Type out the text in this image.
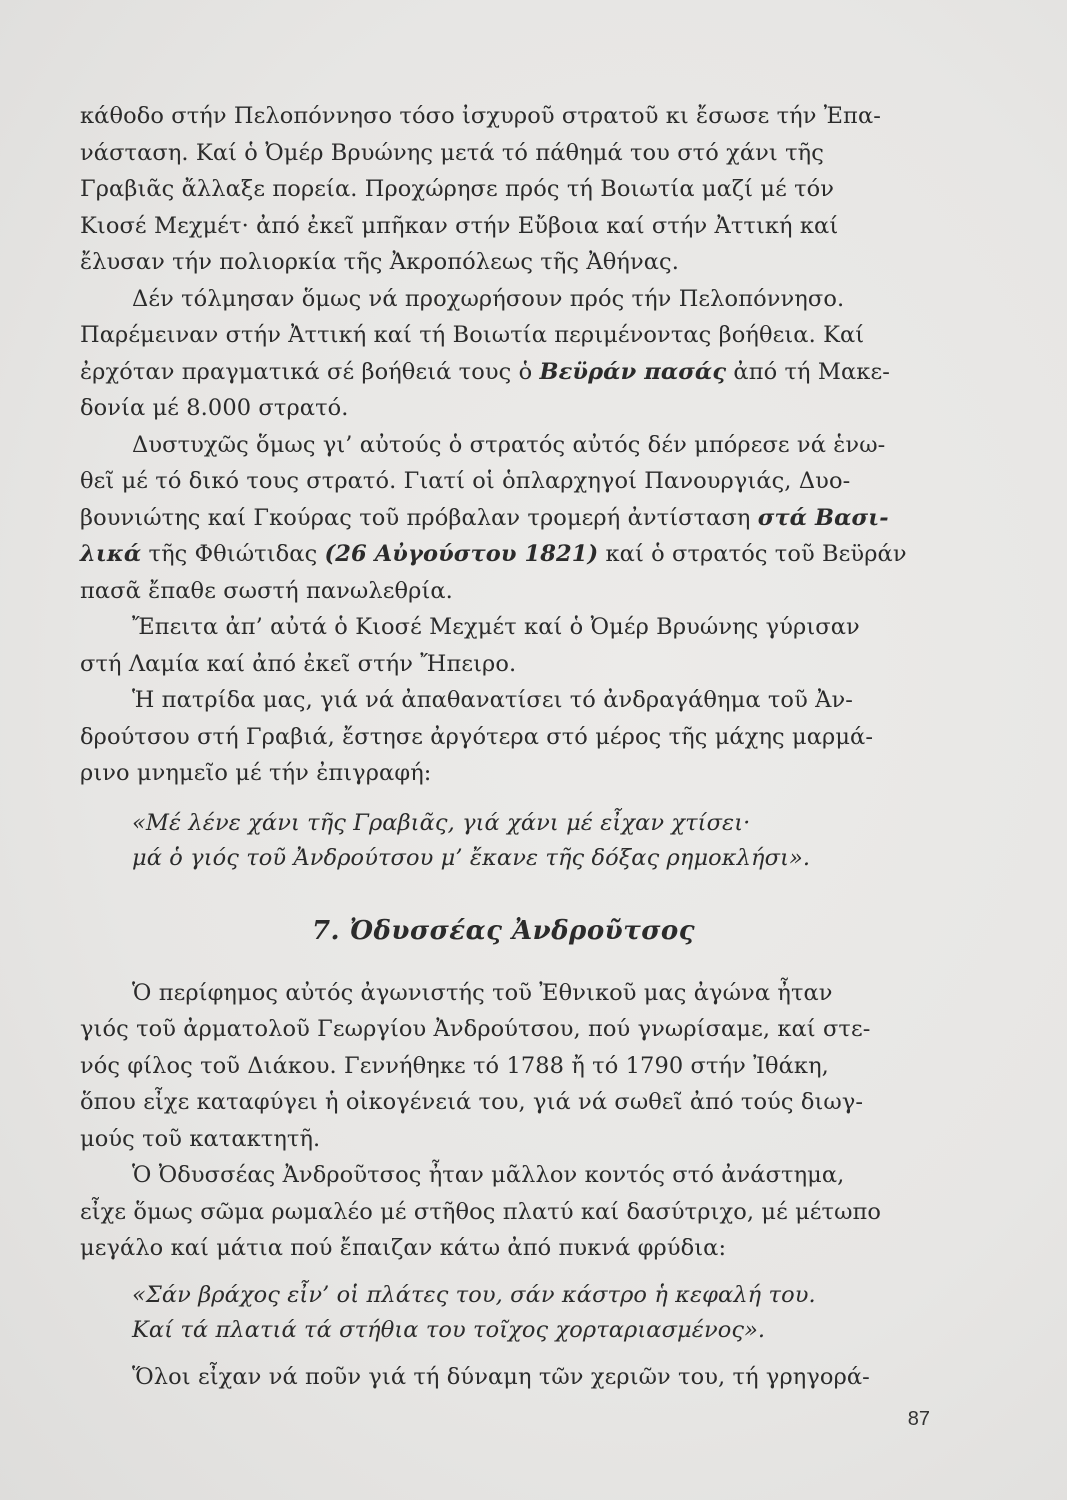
κάθοδο στήν Πελοπόννησο τόσο ἰσχυροῦ στρατοῦ κι ἔσωσε τήν Ἐπα-
νάσταση. Καί ὁ Ὀμέρ Βρυώνης μετά τό πάθημά του στό χάνι τῆς
Γραβιᾶς ἄλλαξε πορεία. Προχώρησε πρός τή Βοιωτία μαζί μέ τόν
Κιοσέ Μεχμέτ· ἀπό ἐκεῖ μπῆκαν στήν Εὔβοια καί στήν Ἀττική καί
ἔλυσαν τήν πολιορκία τῆς Ἀκροπόλεως τῆς Ἀθήνας.
Δέν τόλμησαν ὅμως νά προχωρήσουν πρός τήν Πελοπόννησο.
Παρέμειναν στήν Ἀττική καί τή Βοιωτία περιμένοντας βοήθεια. Καί
ἐρχόταν πραγματικά σέ βοήθειά τους ὁ Βεϋράν πασάς ἀπό τή Μακε-
δονία μέ 8.000 στρατό.
Δυστυχῶς ὅμως γι’ αὐτούς ὁ στρατός αὐτός δέν μπόρεσε νά ἑνω-
θεῖ μέ τό δικό τους στρατό. Γιατί οἱ ὁπλαρχηγοί Πανουργιάς, Δυο-
βουνιώτης καί Γκούρας τοῦ πρόβαλαν τρομερή ἀντίσταση στά Βασι-
λικά τῆς Φθιώτιδας (26 Αὐγούστου 1821) καί ὁ στρατός τοῦ Βεϋράν
πασᾶ ἔπαθε σωστή πανωλεθρία.
Ἔπειτα ἀπ’ αὐτά ὁ Κιοσέ Μεχμέτ καί ὁ Ὀμέρ Βρυώνης γύρισαν
στή Λαμία καί ἀπό ἐκεῖ στήν Ἤπειρο.
Ἡ πατρίδα μας, γιά νά ἀπαθανατίσει τό ἀνδραγάθημα τοῦ Ἀν-
δρούτσου στή Γραβιά, ἔστησε ἀργότερα στό μέρος τῆς μάχης μαρμά-
ρινο μνημεῖο μέ τήν ἐπιγραφή:
«Μέ λένε χάνι τῆς Γραβιᾶς, γιά χάνι μέ εἶχαν χτίσει·
μά ὁ γιός τοῦ Ἀνδρούτσου μ’ ἔκανε τῆς δόξας ρημοκλήσι».
7. Ὀδυσσέας Ἀνδροῦτσος
Ὁ περίφημος αὐτός ἀγωνιστής τοῦ Ἐθνικοῦ μας ἀγώνα ἦταν
γιός τοῦ ἀρματολοῦ Γεωργίου Ἀνδρούτσου, πού γνωρίσαμε, καί στε-
νός φίλος τοῦ Διάκου. Γεννήθηκε τό 1788 ἤ τό 1790 στήν Ἰθάκη,
ὅπου εἶχε καταφύγει ἡ οἰκογένειά του, γιά νά σωθεῖ ἀπό τούς διωγ-
μούς τοῦ κατακτητῆ.
Ὁ Ὀδυσσέας Ἀνδροῦτσος ἦταν μᾶλλον κοντός στό ἀνάστημα,
εἶχε ὅμως σῶμα ρωμαλέο μέ στῆθος πλατύ καί δασύτριχο, μέ μέτωπο
μεγάλο καί μάτια πού ἔπαιζαν κάτω ἀπό πυκνά φρύδια:
«Σάν βράχος εἶν’ οἱ πλάτες του, σάν κάστρο ἡ κεφαλή του.
Καί τά πλατιά τά στήθια του τοῖχος χορταριασμένος».
Ὅλοι εἶχαν νά ποῦν γιά τή δύναμη τῶν χεριῶν του, τή γρηγορά-
87
